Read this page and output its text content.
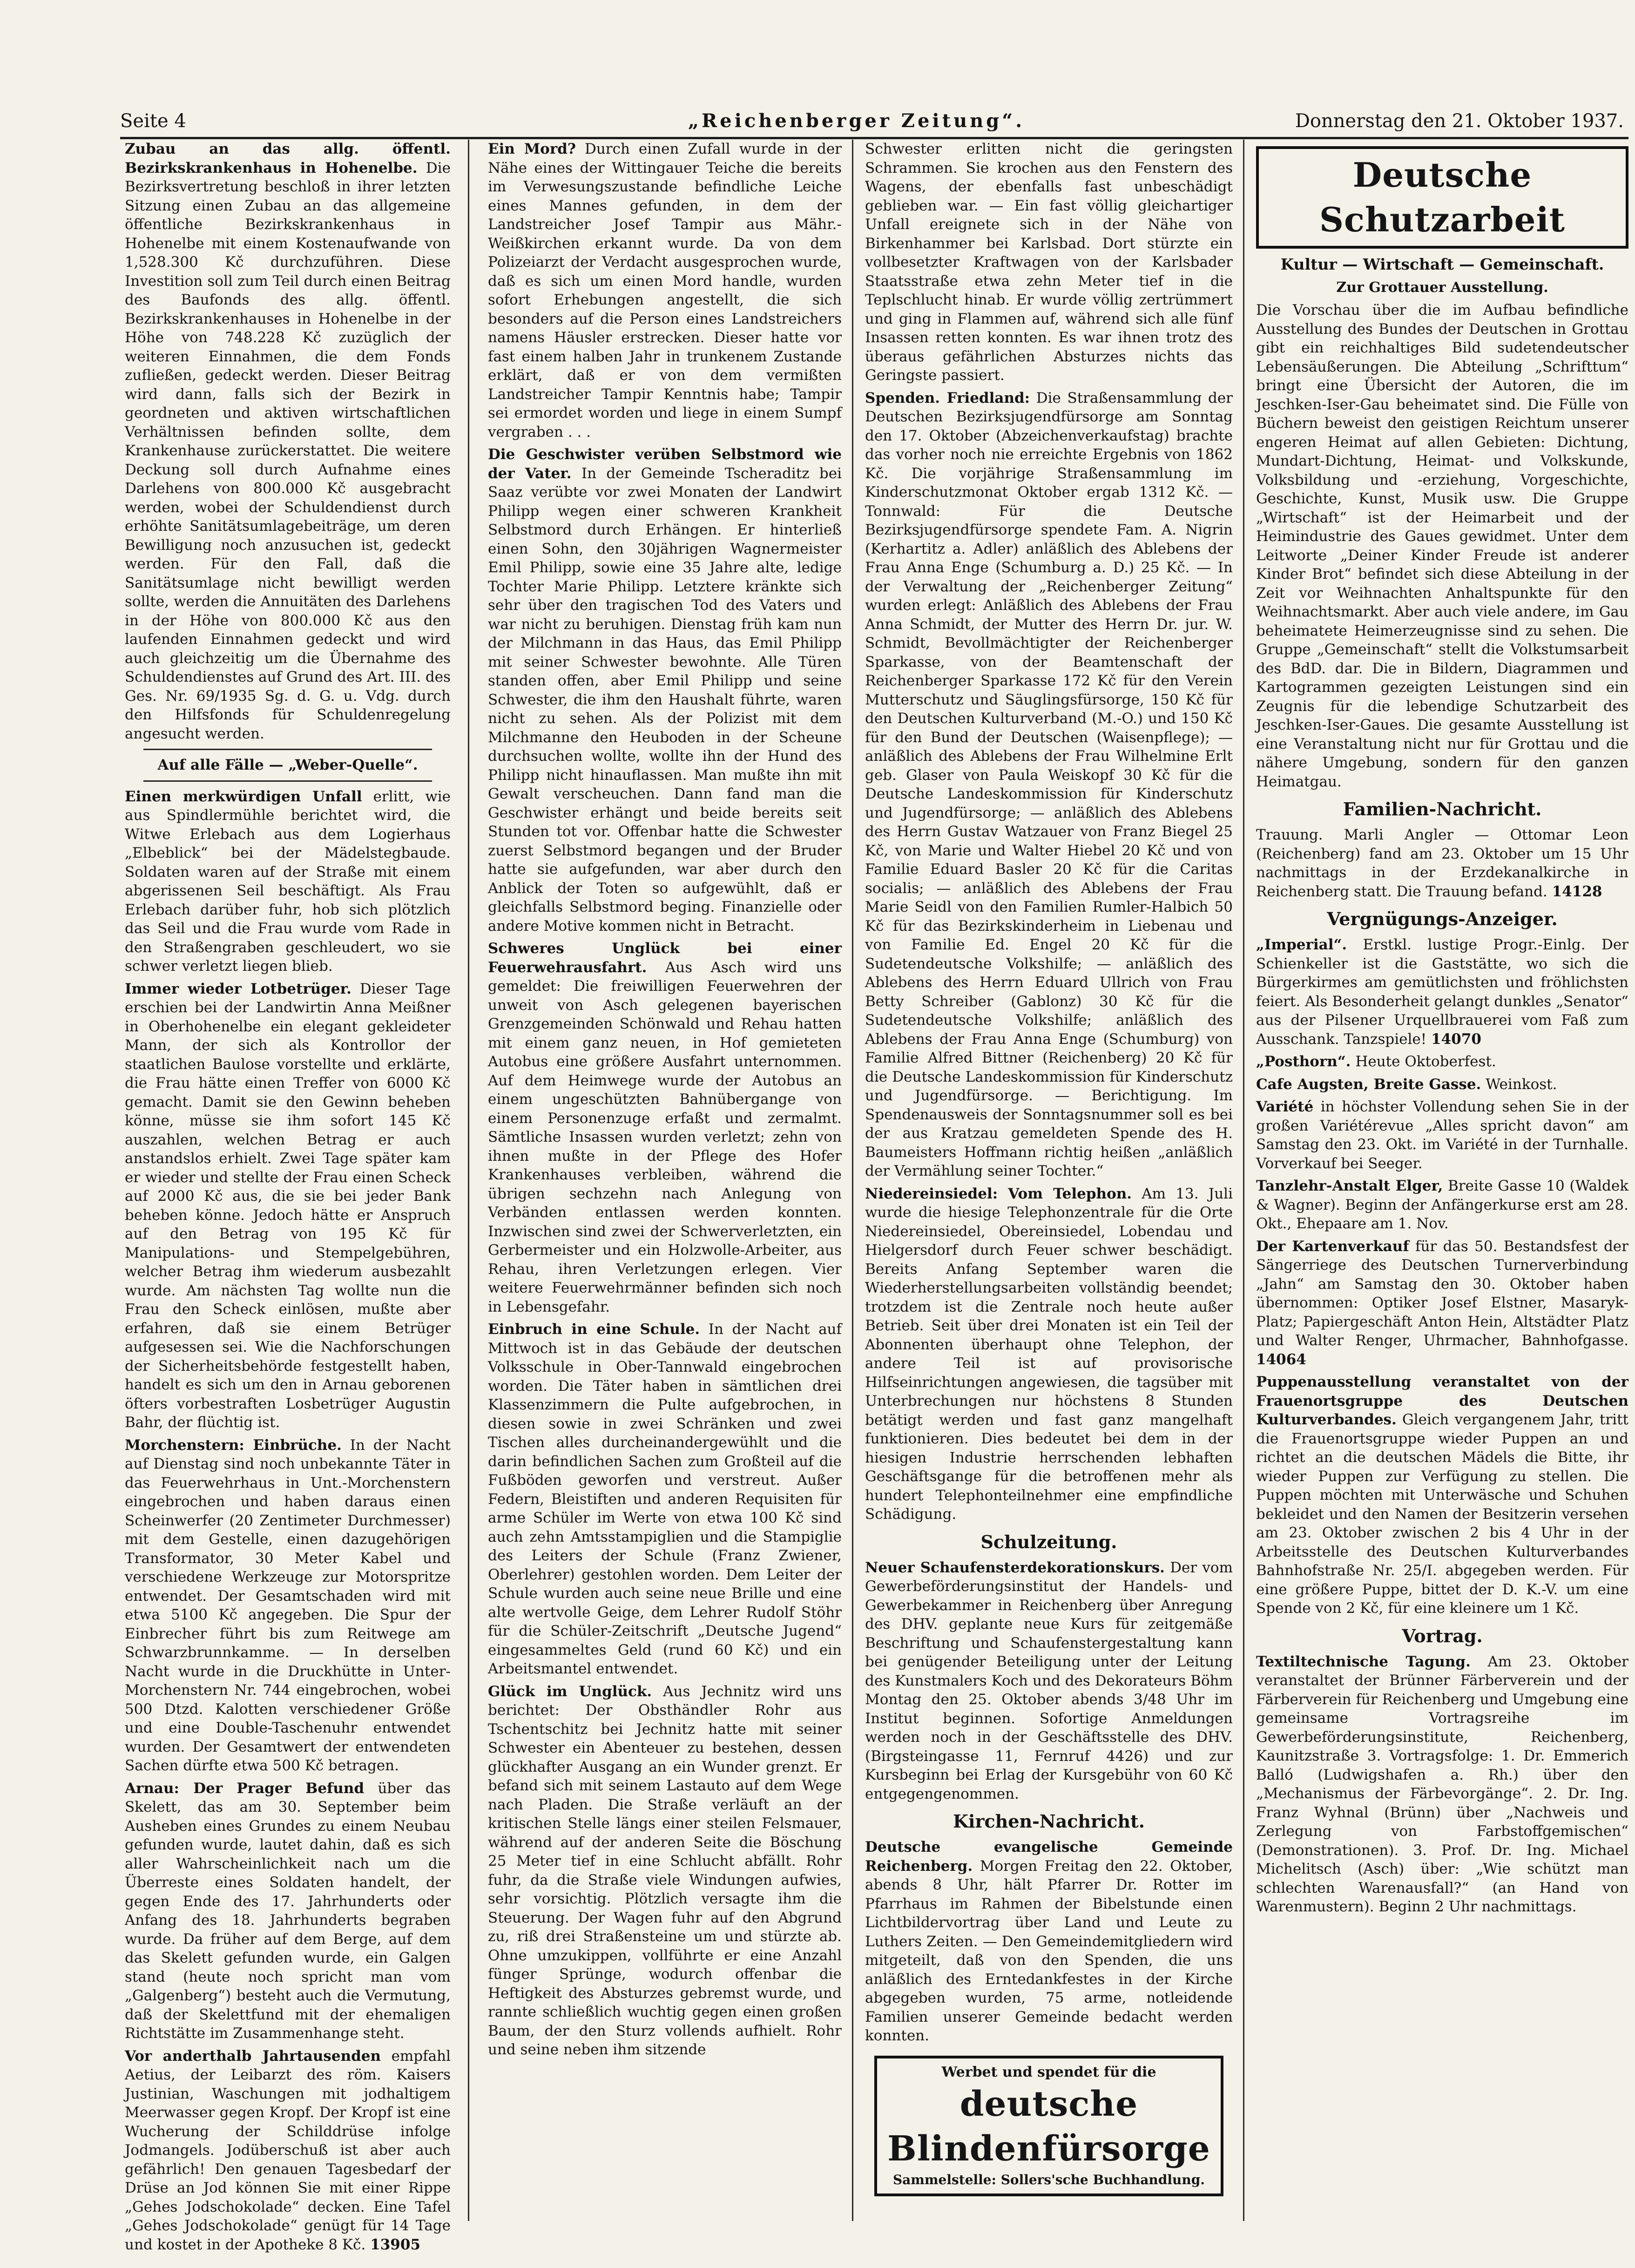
Seite 4	„Reichenberger Zeitung“.	Donnerstag den 21. Oktober 1937.

Zubau an das allg. öffentl. Bezirkskrankenhaus in Hohenelbe. Die Bezirksvertretung beschloß in ihrer letzten Sitzung einen Zubau an das allgemeine öffentliche Bezirkskrankenhaus in Hohenelbe mit einem Kostenaufwande von 1,528.300 Kč durchzuführen. Diese Investition soll zum Teil durch einen Beitrag des Baufonds des allg. öffentl. Bezirkskrankenhauses in Hohenelbe in der Höhe von 748.228 Kč zuzüglich der weiteren Einnahmen, die dem Fonds zufließen, gedeckt werden. Dieser Beitrag wird dann, falls sich der Bezirk in geordneten und aktiven wirtschaftlichen Verhältnissen befinden sollte, dem Krankenhause zurückerstattet. Die weitere Deckung soll durch Aufnahme eines Darlehens von 800.000 Kč ausgebracht werden, wobei der Schuldendienst durch erhöhte Sanitätsumlagebeiträge, um deren Bewilligung noch anzusuchen ist, gedeckt werden. Für den Fall, daß die Sanitätsumlage nicht bewilligt werden sollte, werden die Annuitäten des Darlehens in der Höhe von 800.000 Kč aus den laufenden Einnahmen gedeckt und wird auch gleichzeitig um die Übernahme des Schuldendienstes auf Grund des Art. III. des Ges. Nr. 69/1935 Sg. d. G. u. Vdg. durch den Hilfsfonds für Schuldenregelung angesucht werden.

Auf alle Fälle — „Weber-Quelle“.

Einen merkwürdigen Unfall erlitt, wie aus Spindlermühle berichtet wird, die Witwe Erlebach aus dem Logierhaus „Elbeblick“ bei der Mädelstegbaude. Soldaten waren auf der Straße mit einem abgerissenen Seil beschäftigt. Als Frau Erlebach darüber fuhr, hob sich plötzlich das Seil und die Frau wurde vom Rade in den Straßengraben geschleudert, wo sie schwer verletzt liegen blieb.

Immer wieder Lotbetrüger. Dieser Tage erschien bei der Landwirtin Anna Meißner in Oberhohenelbe ein elegant gekleideter Mann, der sich als Kontrollor der staatlichen Baulose vorstellte und erklärte, die Frau hätte einen Treffer von 6000 Kč gemacht. Damit sie den Gewinn beheben könne, müsse sie ihm sofort 145 Kč auszahlen, welchen Betrag er auch anstandslos erhielt. Zwei Tage später kam er wieder und stellte der Frau einen Scheck auf 2000 Kč aus, die sie bei jeder Bank beheben könne. Jedoch hätte er Anspruch auf den Betrag von 195 Kč für Manipulations- und Stempelgebühren, welcher Betrag ihm wiederum ausbezahlt wurde. Am nächsten Tag wollte nun die Frau den Scheck einlösen, mußte aber erfahren, daß sie einem Betrüger aufgesessen sei. Wie die Nachforschungen der Sicherheitsbehörde festgestellt haben, handelt es sich um den in Arnau geborenen öfters vorbestraften Losbetrüger Augustin Bahr, der flüchtig ist.

Morchenstern: Einbrüche. In der Nacht auf Dienstag sind noch unbekannte Täter in das Feuerwehrhaus in Unt.-Morchenstern eingebrochen und haben daraus einen Scheinwerfer (20 Zentimeter Durchmesser) mit dem Gestelle, einen dazugehörigen Transformator, 30 Meter Kabel und verschiedene Werkzeuge zur Motorspritze entwendet. Der Gesamtschaden wird mit etwa 5100 Kč angegeben. Die Spur der Einbrecher führt bis zum Reitwege am Schwarzbrunnkamme. — In derselben Nacht wurde in die Druckhütte in Unter-Morchenstern Nr. 744 eingebrochen, wobei 500 Dtzd. Kalotten verschiedener Größe und eine Double-Taschenuhr entwendet wurden. Der Gesamtwert der entwendeten Sachen dürfte etwa 500 Kč betragen.

Arnau: Der Prager Befund über das Skelett, das am 30. September beim Ausheben eines Grundes zu einem Neubau gefunden wurde, lautet dahin, daß es sich aller Wahrscheinlichkeit nach um die Überreste eines Soldaten handelt, der gegen Ende des 17. Jahrhunderts oder Anfang des 18. Jahrhunderts begraben wurde. Da früher auf dem Berge, auf dem das Skelett gefunden wurde, ein Galgen stand (heute noch spricht man vom „Galgenberg“) besteht auch die Vermutung, daß der Skelettfund mit der ehemaligen Richtstätte im Zusammenhange steht.

Vor anderthalb Jahrtausenden empfahl Aetius, der Leibarzt des röm. Kaisers Justinian, Waschungen mit jodhaltigem Meerwasser gegen Kropf. Der Kropf ist eine Wucherung der Schilddrüse infolge Jodmangels. Jodüberschuß ist aber auch gefährlich! Den genauen Tagesbedarf der Drüse an Jod können Sie mit einer Rippe „Gehes Jodschokolade“ decken. Eine Tafel „Gehes Jodschokolade“ genügt für 14 Tage und kostet in der Apotheke 8 Kč. 13905

Ein Mord? Durch einen Zufall wurde in der Nähe eines der Wittingauer Teiche die bereits im Verwesungszustande befindliche Leiche eines Mannes gefunden, in dem der Landstreicher Josef Tampir aus Mähr.-Weißkirchen erkannt wurde. Da von dem Polizeiarzt der Verdacht ausgesprochen wurde, daß es sich um einen Mord handle, wurden sofort Erhebungen angestellt, die sich besonders auf die Person eines Landstreichers namens Häusler erstrecken. Dieser hatte vor fast einem halben Jahr in trunkenem Zustande erklärt, daß er von dem vermißten Landstreicher Tampir Kenntnis habe; Tampir sei ermordet worden und liege in einem Sumpf vergraben . . .

Die Geschwister verüben Selbstmord wie der Vater. In der Gemeinde Tscheraditz bei Saaz verübte vor zwei Monaten der Landwirt Philipp wegen einer schweren Krankheit Selbstmord durch Erhängen. Er hinterließ einen Sohn, den 30jährigen Wagnermeister Emil Philipp, sowie eine 35 Jahre alte, ledige Tochter Marie Philipp. Letztere kränkte sich sehr über den tragischen Tod des Vaters und war nicht zu beruhigen. Dienstag früh kam nun der Milchmann in das Haus, das Emil Philipp mit seiner Schwester bewohnte. Alle Türen standen offen, aber Emil Philipp und seine Schwester, die ihm den Haushalt führte, waren nicht zu sehen. Als der Polizist mit dem Milchmanne den Heuboden in der Scheune durchsuchen wollte, wollte ihn der Hund des Philipp nicht hinauflassen. Man mußte ihn mit Gewalt verscheuchen. Dann fand man die Geschwister erhängt und beide bereits seit Stunden tot vor. Offenbar hatte die Schwester zuerst Selbstmord begangen und der Bruder hatte sie aufgefunden, war aber durch den Anblick der Toten so aufgewühlt, daß er gleichfalls Selbstmord beging. Finanzielle oder andere Motive kommen nicht in Betracht.

Schweres Unglück bei einer Feuerwehrausfahrt. Aus Asch wird uns gemeldet: Die freiwilligen Feuerwehren der unweit von Asch gelegenen bayerischen Grenzgemeinden Schönwald und Rehau hatten mit einem ganz neuen, in Hof gemieteten Autobus eine größere Ausfahrt unternommen. Auf dem Heimwege wurde der Autobus an einem ungeschützten Bahnübergange von einem Personenzuge erfaßt und zermalmt. Sämtliche Insassen wurden verletzt; zehn von ihnen mußte in der Pflege des Hofer Krankenhauses verbleiben, während die übrigen sechzehn nach Anlegung von Verbänden entlassen werden konnten. Inzwischen sind zwei der Schwerverletzten, ein Gerbermeister und ein Holzwolle-Arbeiter, aus Rehau, ihren Verletzungen erlegen. Vier weitere Feuerwehrmänner befinden sich noch in Lebensgefahr.

Einbruch in eine Schule. In der Nacht auf Mittwoch ist in das Gebäude der deutschen Volksschule in Ober-Tannwald eingebrochen worden. Die Täter haben in sämtlichen drei Klassenzimmern die Pulte aufgebrochen, in diesen sowie in zwei Schränken und zwei Tischen alles durcheinandergewühlt und die darin befindlichen Sachen zum Großteil auf die Fußböden geworfen und verstreut. Außer Federn, Bleistiften und anderen Requisiten für arme Schüler im Werte von etwa 100 Kč sind auch zehn Amtsstampiglien und die Stampiglie des Leiters der Schule (Franz Zwiener, Oberlehrer) gestohlen worden. Dem Leiter der Schule wurden auch seine neue Brille und eine alte wertvolle Geige, dem Lehrer Rudolf Stöhr für die Schüler-Zeitschrift „Deutsche Jugend“ eingesammeltes Geld (rund 60 Kč) und ein Arbeitsmantel entwendet.

Glück im Unglück. Aus Jechnitz wird uns berichtet: Der Obsthändler Rohr aus Tschentschitz bei Jechnitz hatte mit seiner Schwester ein Abenteuer zu bestehen, dessen glückhafter Ausgang an ein Wunder grenzt. Er befand sich mit seinem Lastauto auf dem Wege nach Pladen. Die Straße verläuft an der kritischen Stelle längs einer steilen Felsmauer, während auf der anderen Seite die Böschung 25 Meter tief in eine Schlucht abfällt. Rohr fuhr, da die Straße viele Windungen aufwies, sehr vorsichtig. Plötzlich versagte ihm die Steuerung. Der Wagen fuhr auf den Abgrund zu, riß drei Straßensteine um und stürzte ab. Ohne umzukippen, vollführte er eine Anzahl fünger Sprünge, wodurch offenbar die Heftigkeit des Absturzes gebremst wurde, und rannte schließlich wuchtig gegen einen großen Baum, der den Sturz vollends aufhielt. Rohr und seine neben ihm sitzende

Schwester erlitten nicht die geringsten Schrammen. Sie krochen aus den Fenstern des Wagens, der ebenfalls fast unbeschädigt geblieben war. — Ein fast völlig gleichartiger Unfall ereignete sich in der Nähe von Birkenhammer bei Karlsbad. Dort stürzte ein vollbesetzter Kraftwagen von der Karlsbader Staatsstraße etwa zehn Meter tief in die Teplschlucht hinab. Er wurde völlig zertrümmert und ging in Flammen auf, während sich alle fünf Insassen retten konnten. Es war ihnen trotz des überaus gefährlichen Absturzes nichts das Geringste passiert.

Spenden. Friedland: Die Straßensammlung der Deutschen Bezirksjugendfürsorge am Sonntag den 17. Oktober (Abzeichenverkaufstag) brachte das vorher noch nie erreichte Ergebnis von 1862 Kč. Die vorjährige Straßensammlung im Kinderschutzmonat Oktober ergab 1312 Kč. — Tonnwald: Für die Deutsche Bezirksjugendfürsorge spendete Fam. A. Nigrin (Kerhartitz a. Adler) anläßlich des Ablebens der Frau Anna Enge (Schumburg a. D.) 25 Kč. — In der Verwaltung der „Reichenberger Zeitung“ wurden erlegt: Anläßlich des Ablebens der Frau Anna Schmidt, der Mutter des Herrn Dr. jur. W. Schmidt, Bevollmächtigter der Reichenberger Sparkasse, von der Beamtenschaft der Reichenberger Sparkasse 172 Kč für den Verein Mutterschutz und Säuglingsfürsorge, 150 Kč für den Deutschen Kulturverband (M.-O.) und 150 Kč für den Bund der Deutschen (Waisenpflege); — anläßlich des Ablebens der Frau Wilhelmine Erlt geb. Glaser von Paula Weiskopf 30 Kč für die Deutsche Landeskommission für Kinderschutz und Jugendfürsorge; — anläßlich des Ablebens des Herrn Gustav Watzauer von Franz Biegel 25 Kč, von Marie und Walter Hiebel 20 Kč und von Familie Eduard Basler 20 Kč für die Caritas socialis; — anläßlich des Ablebens der Frau Marie Seidl von den Familien Rumler-Halbich 50 Kč für das Bezirkskinderheim in Liebenau und von Familie Ed. Engel 20 Kč für die Sudetendeutsche Volkshilfe; — anläßlich des Ablebens des Herrn Eduard Ullrich von Frau Betty Schreiber (Gablonz) 30 Kč für die Sudetendeutsche Volkshilfe; anläßlich des Ablebens der Frau Anna Enge (Schumburg) von Familie Alfred Bittner (Reichenberg) 20 Kč für die Deutsche Landeskommission für Kinderschutz und Jugendfürsorge. — Berichtigung. Im Spendenausweis der Sonntagsnummer soll es bei der aus Kratzau gemeldeten Spende des H. Baumeisters Hoffmann richtig heißen „anläßlich der Vermählung seiner Tochter.“

Niedereinsiedel: Vom Telephon. Am 13. Juli wurde die hiesige Telephonzentrale für die Orte Niedereinsiedel, Obereinsiedel, Lobendau und Hielgersdorf durch Feuer schwer beschädigt. Bereits Anfang September waren die Wiederherstellungsarbeiten vollständig beendet; trotzdem ist die Zentrale noch heute außer Betrieb. Seit über drei Monaten ist ein Teil der Abonnenten überhaupt ohne Telephon, der andere Teil ist auf provisorische Hilfseinrichtungen angewiesen, die tagsüber mit Unterbrechungen nur höchstens 8 Stunden betätigt werden und fast ganz mangelhaft funktionieren. Dies bedeutet bei dem in der hiesigen Industrie herrschenden lebhaften Geschäftsgange für die betroffenen mehr als hundert Telephonteilnehmer eine empfindliche Schädigung.

Schulzeitung.

Neuer Schaufensterdekorationskurs. Der vom Gewerbeförderungsinstitut der Handels- und Gewerbekammer in Reichenberg über Anregung des DHV. geplante neue Kurs für zeitgemäße Beschriftung und Schaufenstergestaltung kann bei genügender Beteiligung unter der Leitung des Kunstmalers Koch und des Dekorateurs Böhm Montag den 25. Oktober abends 3/48 Uhr im Institut beginnen. Sofortige Anmeldungen werden noch in der Geschäftsstelle des DHV. (Birgsteingasse 11, Fernruf 4426) und zur Kursbeginn bei Erlag der Kursgebühr von 60 Kč entgegengenommen.

Kirchen-Nachricht.

Deutsche evangelische Gemeinde Reichenberg. Morgen Freitag den 22. Oktober, abends 8 Uhr, hält Pfarrer Dr. Rotter im Pfarrhaus im Rahmen der Bibelstunde einen Lichtbildervortrag über Land und Leute zu Luthers Zeiten. — Den Gemeindemitgliedern wird mitgeteilt, daß von den Spenden, die uns anläßlich des Erntedankfestes in der Kirche abgegeben wurden, 75 arme, notleidende Familien unserer Gemeinde bedacht werden konnten.

Werbet und spendet für die
deutsche Blindenfürsorge
Sammelstelle: Sollers'sche Buchhandlung.
Deutsche Schutzarbeit
Kultur — Wirtschaft — Gemeinschaft.
Zur Grottauer Ausstellung.

Die Vorschau über die im Aufbau befindliche Ausstellung des Bundes der Deutschen in Grottau gibt ein reichhaltiges Bild sudetendeutscher Lebensäußerungen. Die Abteilung „Schrifttum“ bringt eine Übersicht der Autoren, die im Jeschken-Iser-Gau beheimatet sind. Die Fülle von Büchern beweist den geistigen Reichtum unserer engeren Heimat auf allen Gebieten: Dichtung, Mundart-Dichtung, Heimat- und Volkskunde, Volksbildung und -erziehung, Vorgeschichte, Geschichte, Kunst, Musik usw. Die Gruppe „Wirtschaft“ ist der Heimarbeit und der Heimindustrie des Gaues gewidmet. Unter dem Leitworte „Deiner Kinder Freude ist anderer Kinder Brot“ befindet sich diese Abteilung in der Zeit vor Weihnachten Anhaltspunkte für den Weihnachtsmarkt. Aber auch viele andere, im Gau beheimatete Heimerzeugnisse sind zu sehen. Die Gruppe „Gemeinschaft“ stellt die Volkstumsarbeit des BdD. dar. Die in Bildern, Diagrammen und Kartogrammen gezeigten Leistungen sind ein Zeugnis für die lebendige Schutzarbeit des Jeschken-Iser-Gaues. Die gesamte Ausstellung ist eine Veranstaltung nicht nur für Grottau und die nähere Umgebung, sondern für den ganzen Heimatgau.

Familien-Nachricht.

Trauung. Marli Angler — Ottomar Leon (Reichenberg) fand am 23. Oktober um 15 Uhr nachmittags in der Erzdekanalkirche in Reichenberg statt. Die Trauung befand. 14128

Vergnügungs-Anzeiger.

„Imperial“. Erstkl. lustige Progr.-Einlg. Der Schienkeller ist die Gaststätte, wo sich die Bürgerkirmes am gemütlichsten und fröhlichsten feiert. Als Besonderheit gelangt dunkles „Senator“ aus der Pilsener Urquellbrauerei vom Faß zum Ausschank. Tanzspiele! 14070

„Posthorn“. Heute Oktoberfest.

Cafe Augsten, Breite Gasse. Weinkost.

Variété in höchster Vollendung sehen Sie in der großen Variétérevue „Alles spricht davon“ am Samstag den 23. Okt. im Variété in der Turnhalle. Vorverkauf bei Seeger.

Tanzlehr-Anstalt Elger, Breite Gasse 10 (Waldek & Wagner). Beginn der Anfängerkurse erst am 28. Okt., Ehepaare am 1. Nov.

Der Kartenverkauf für das 50. Bestandsfest der Sängerriege des Deutschen Turnerverbindung „Jahn“ am Samstag den 30. Oktober haben übernommen: Optiker Josef Elstner, Masaryk-Platz; Papiergeschäft Anton Hein, Altstädter Platz und Walter Renger, Uhrmacher, Bahnhofgasse. 14064

Puppenausstellung veranstaltet von der Frauenortsgruppe des Deutschen Kulturverbandes. Gleich vergangenem Jahr, tritt die Frauenortsgruppe wieder Puppen an und richtet an die deutschen Mädels die Bitte, ihr wieder Puppen zur Verfügung zu stellen. Die Puppen möchten mit Unterwäsche und Schuhen bekleidet und den Namen der Besitzerin versehen am 23. Oktober zwischen 2 bis 4 Uhr in der Arbeitsstelle des Deutschen Kulturverbandes Bahnhofstraße Nr. 25/I. abgegeben werden. Für eine größere Puppe, bittet der D. K.-V. um eine Spende von 2 Kč, für eine kleinere um 1 Kč.

Vortrag.

Textiltechnische Tagung. Am 23. Oktober veranstaltet der Brünner Färberverein und der Färberverein für Reichenberg und Umgebung eine gemeinsame Vortragsreihe im Gewerbeförderungsinstitute, Reichenberg, Kaunitzstraße 3. Vortragsfolge: 1. Dr. Emmerich Balló (Ludwigshafen a. Rh.) über den „Mechanismus der Färbevorgänge“. 2. Dr. Ing. Franz Wyhnal (Brünn) über „Nachweis und Zerlegung von Farbstoffgemischen“ (Demonstrationen). 3. Prof. Dr. Ing. Michael Michelitsch (Asch) über: „Wie schützt man schlechten Warenausfall?“ (an Hand von Warenmustern). Beginn 2 Uhr nachmittags.
